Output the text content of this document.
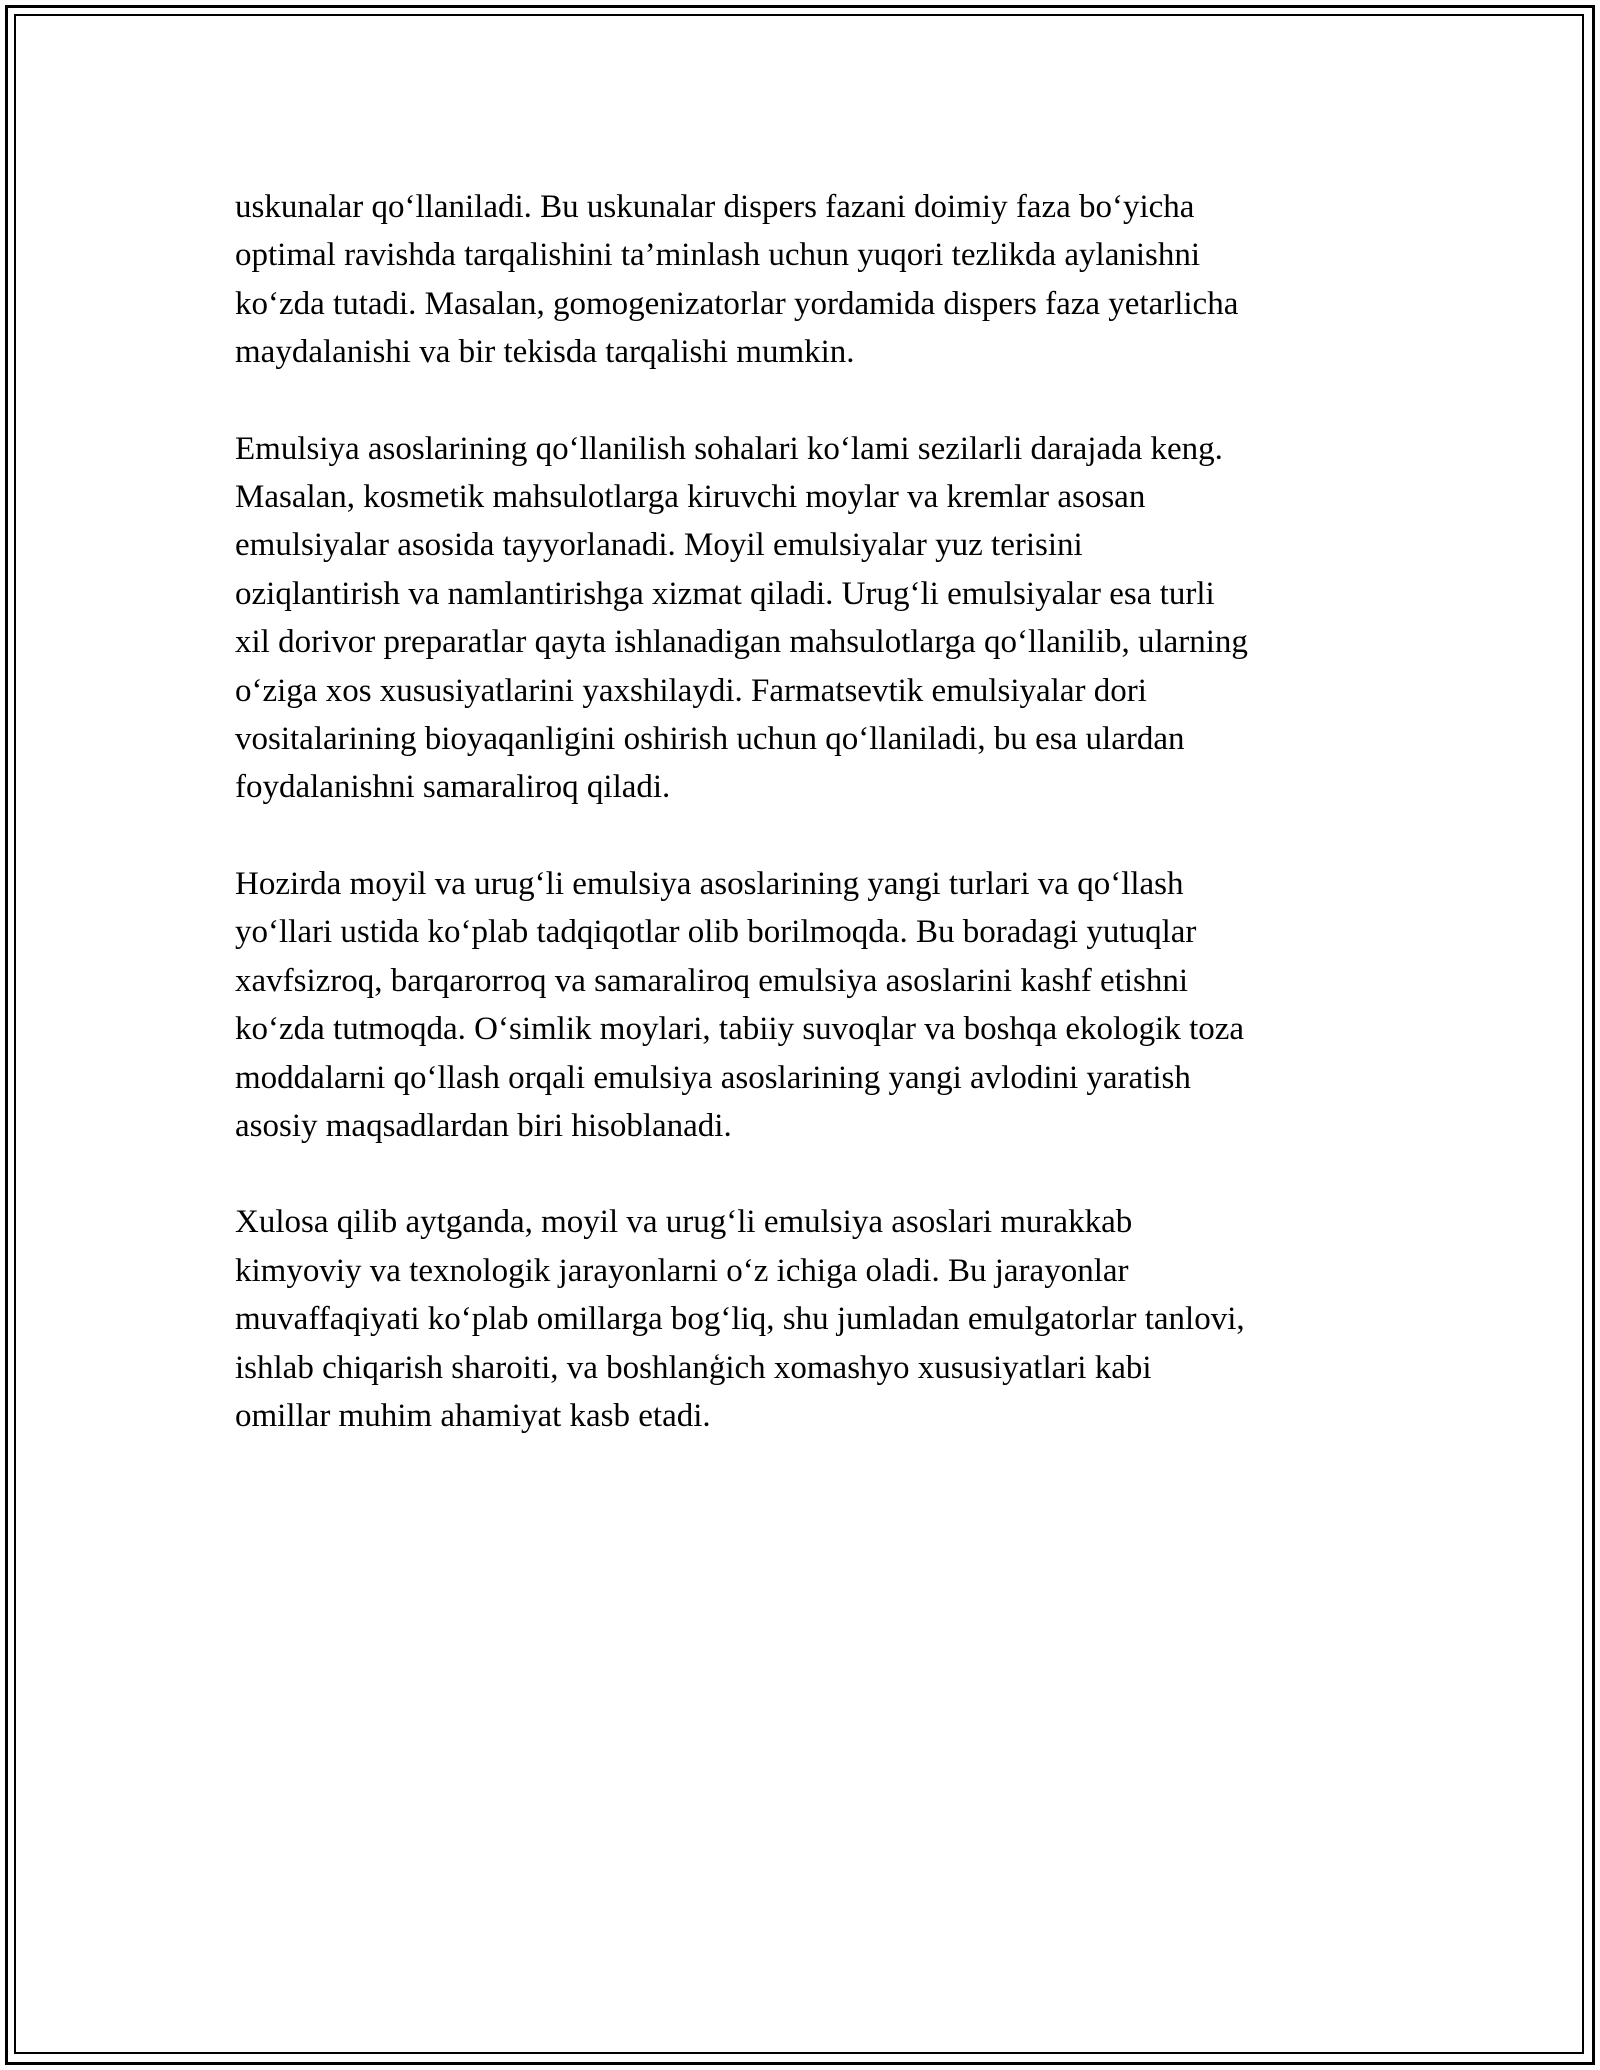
uskunalar qo‘llaniladi. Bu uskunalar dispers fazani doimiy faza bo‘yicha
optimal ravishda tarqalishini ta’minlash uchun yuqori tezlikda aylanishni
ko‘zda tutadi. Masalan, gomogenizatorlar yordamida dispers faza yetarlicha
maydalanishi va bir tekisda tarqalishi mumkin.

Emulsiya asoslarining qo‘llanilish sohalari ko‘lami sezilarli darajada keng.
Masalan, kosmetik mahsulotlarga kiruvchi moylar va kremlar asosan
emulsiyalar asosida tayyorlanadi. Moyil emulsiyalar yuz terisini
oziqlantirish va namlantirishga xizmat qiladi. Urug‘li emulsiyalar esa turli
xil dorivor preparatlar qayta ishlanadigan mahsulotlarga qo‘llanilib, ularning
o‘ziga xos xususiyatlarini yaxshilaydi. Farmatsevtik emulsiyalar dori
vositalarining bioyaqanligini oshirish uchun qo‘llaniladi, bu esa ulardan
foydalanishni samaraliroq qiladi.

Hozirda moyil va urug‘li emulsiya asoslarining yangi turlari va qo‘llash
yo‘llari ustida ko‘plab tadqiqotlar olib borilmoqda. Bu boradagi yutuqlar
xavfsizroq, barqarorroq va samaraliroq emulsiya asoslarini kashf etishni
ko‘zda tutmoqda. O‘simlik moylari, tabiiy suvoqlar va boshqa ekologik toza
moddalarni qo‘llash orqali emulsiya asoslarining yangi avlodini yaratish
asosiy maqsadlardan biri hisoblanadi.

Xulosa qilib aytganda, moyil va urug‘li emulsiya asoslari murakkab
kimyoviy va texnologik jarayonlarni o‘z ichiga oladi. Bu jarayonlar
muvaffaqiyati ko‘plab omillarga bog‘liq, shu jumladan emulgatorlar tanlovi,
ishlab chiqarish sharoiti, va boshlanģich xomashyo xususiyatlari kabi
omillar muhim ahamiyat kasb etadi.
